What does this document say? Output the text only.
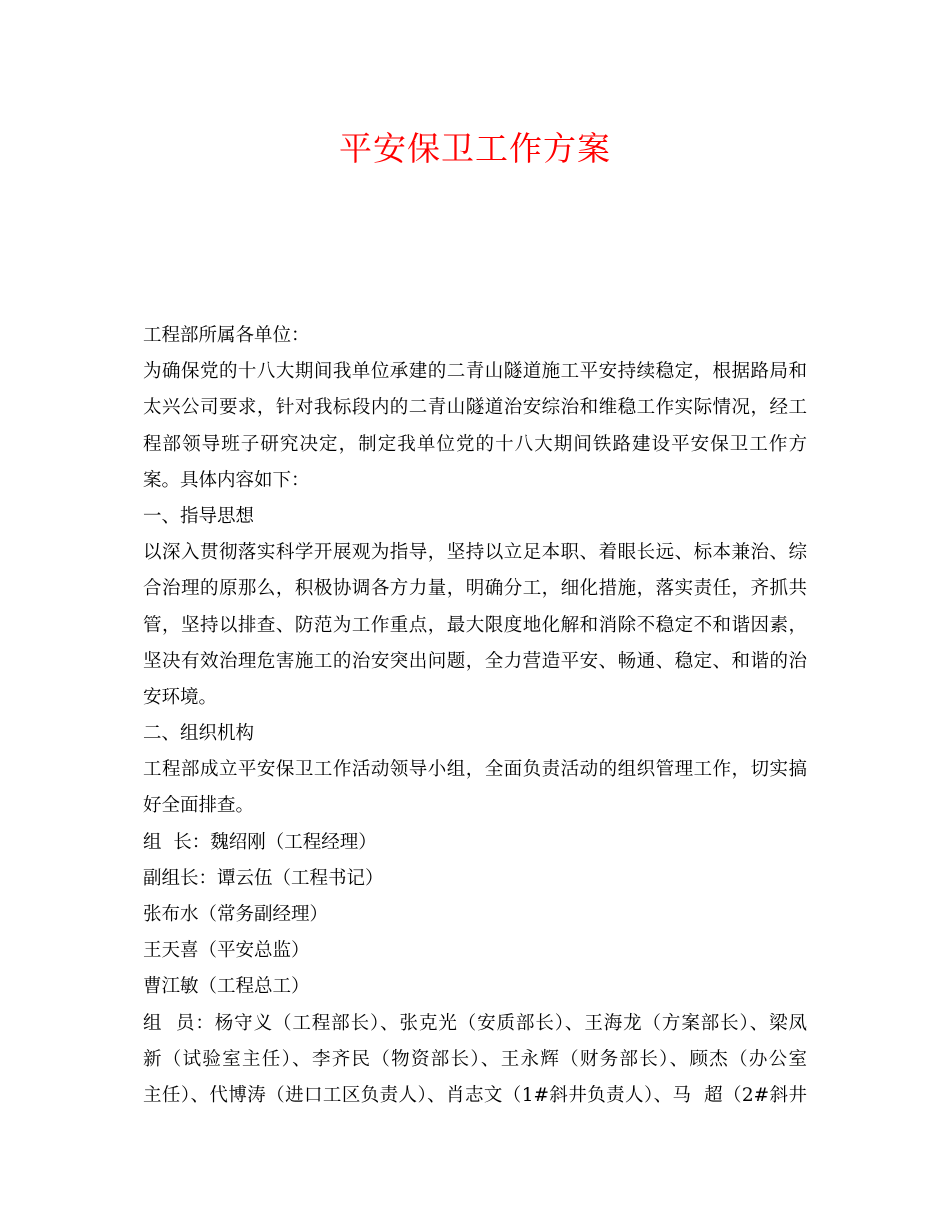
平安保卫工作方案
工程部所属各单位：
为确保党的十八大期间我单位承建的二青山隧道施工平安持续稳定，根据路局和
太兴公司要求，针对我标段内的二青山隧道治安综治和维稳工作实际情况，经工
程部领导班子研究决定，制定我单位党的十八大期间铁路建设平安保卫工作方
案。具体内容如下：
一、指导思想
以深入贯彻落实科学开展观为指导，坚持以立足本职、着眼长远、标本兼治、综
合治理的原那么，积极协调各方力量，明确分工，细化措施，落实责任，齐抓共
管，坚持以排查、防范为工作重点，最大限度地化解和消除不稳定不和谐因素，
坚决有效治理危害施工的治安突出问题，全力营造平安、畅通、稳定、和谐的治
安环境。
二、组织机构
工程部成立平安保卫工作活动领导小组，全面负责活动的组织管理工作，切实搞
好全面排查。
组  长：魏绍刚（工程经理）
副组长：谭云伍（工程书记）
张布水（常务副经理）
王天喜（平安总监）
曹江敏（工程总工）
组  员：杨守义（工程部长）、张克光（安质部长）、王海龙（方案部长）、梁凤
新（试验室主任）、李齐民（物资部长）、王永辉（财务部长）、顾杰（办公室
主任）、代博涛（进口工区负责人）、肖志文（1#斜井负责人）、马  超（2#斜井
